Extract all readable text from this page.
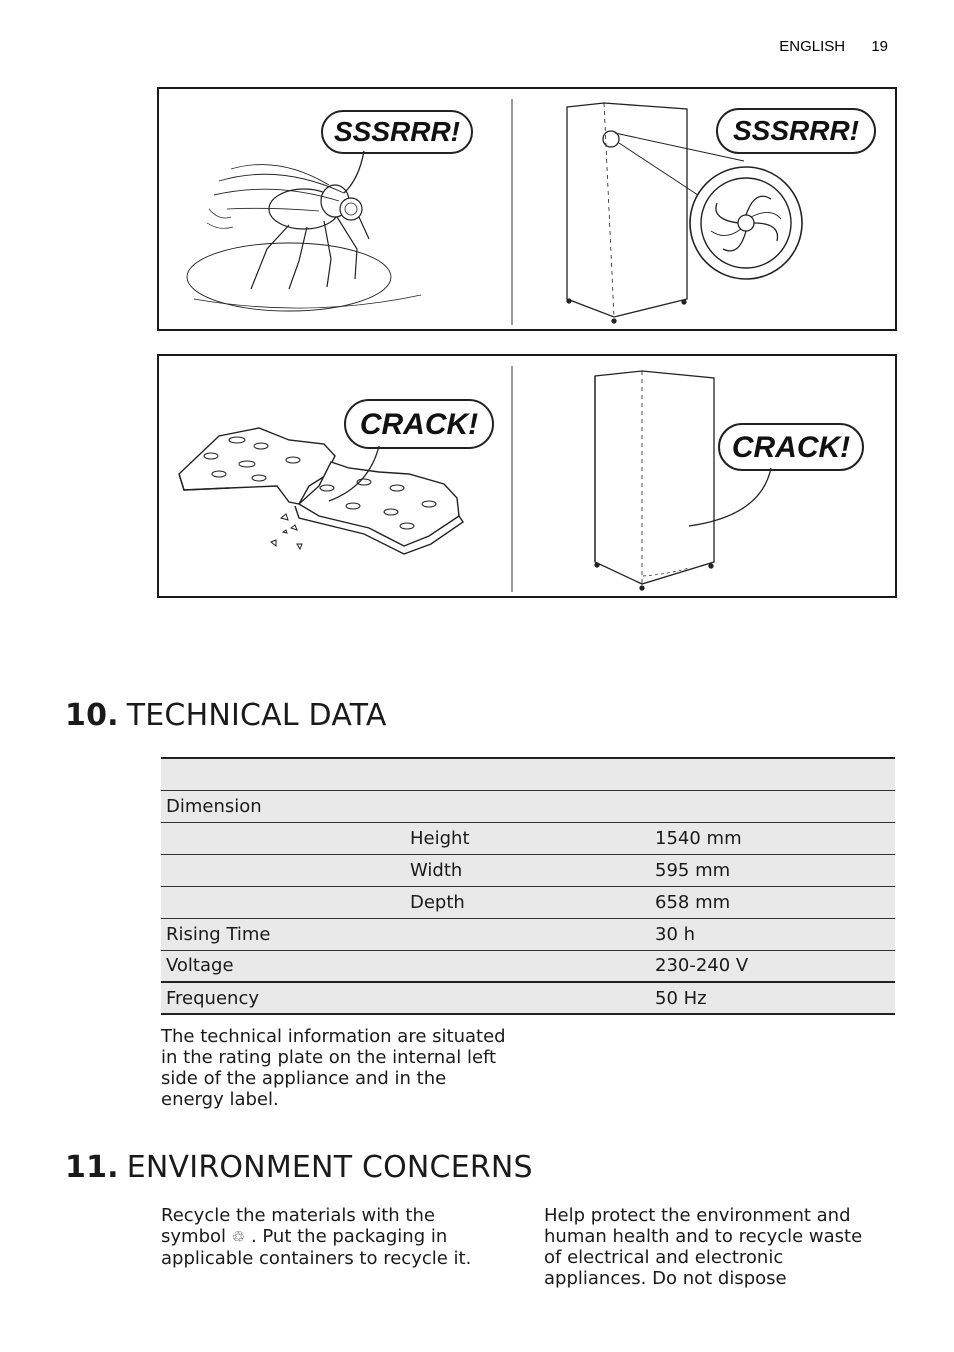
ENGLISH 19
SSSRRR!	SSSRRR!
CRACK!
CRACK!
10. TECHNICAL DATA

Dimension		
	Height	1540 mm
	Width	595 mm
	Depth	658 mm
Rising Time		30 h
Voltage		230-240 V
Frequency		50 Hz

The technical information are situated in the rating plate on the internal left side of the appliance and in the energy label.

11. ENVIRONMENT CONCERNS

Recycle the materials with the symbol ♲ . Put the packaging in applicable containers to recycle it.

Help protect the environment and human health and to recycle waste of electrical and electronic appliances. Do not dispose
